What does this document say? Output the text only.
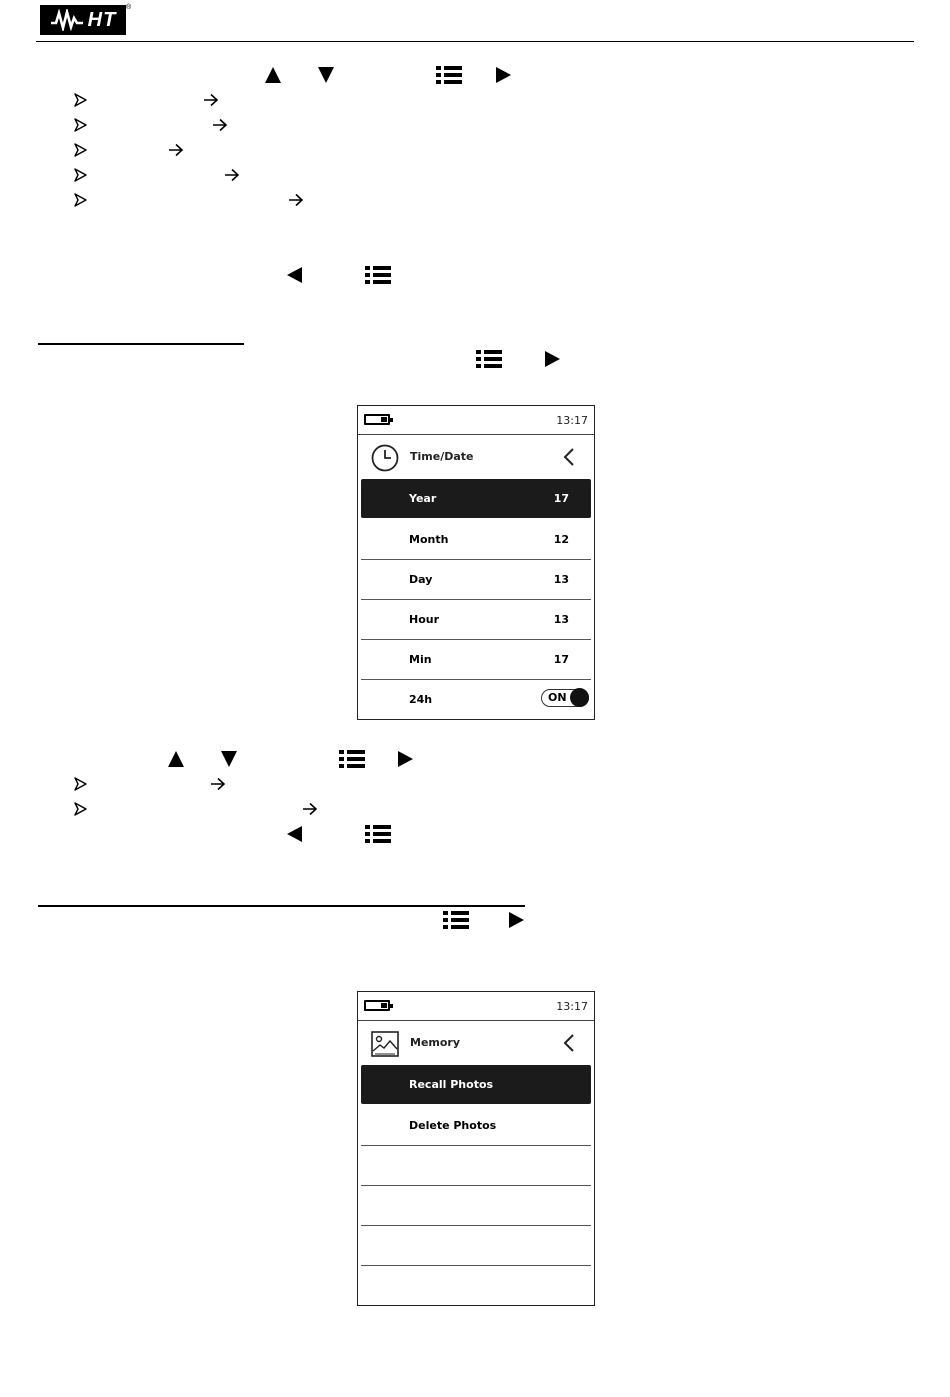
HT
®
13:17
Time/Date
Year	17
Month	12
Day	13
Hour	13
Min	17
24h	ON
13:17
Memory
Recall Photos
Delete Photos
